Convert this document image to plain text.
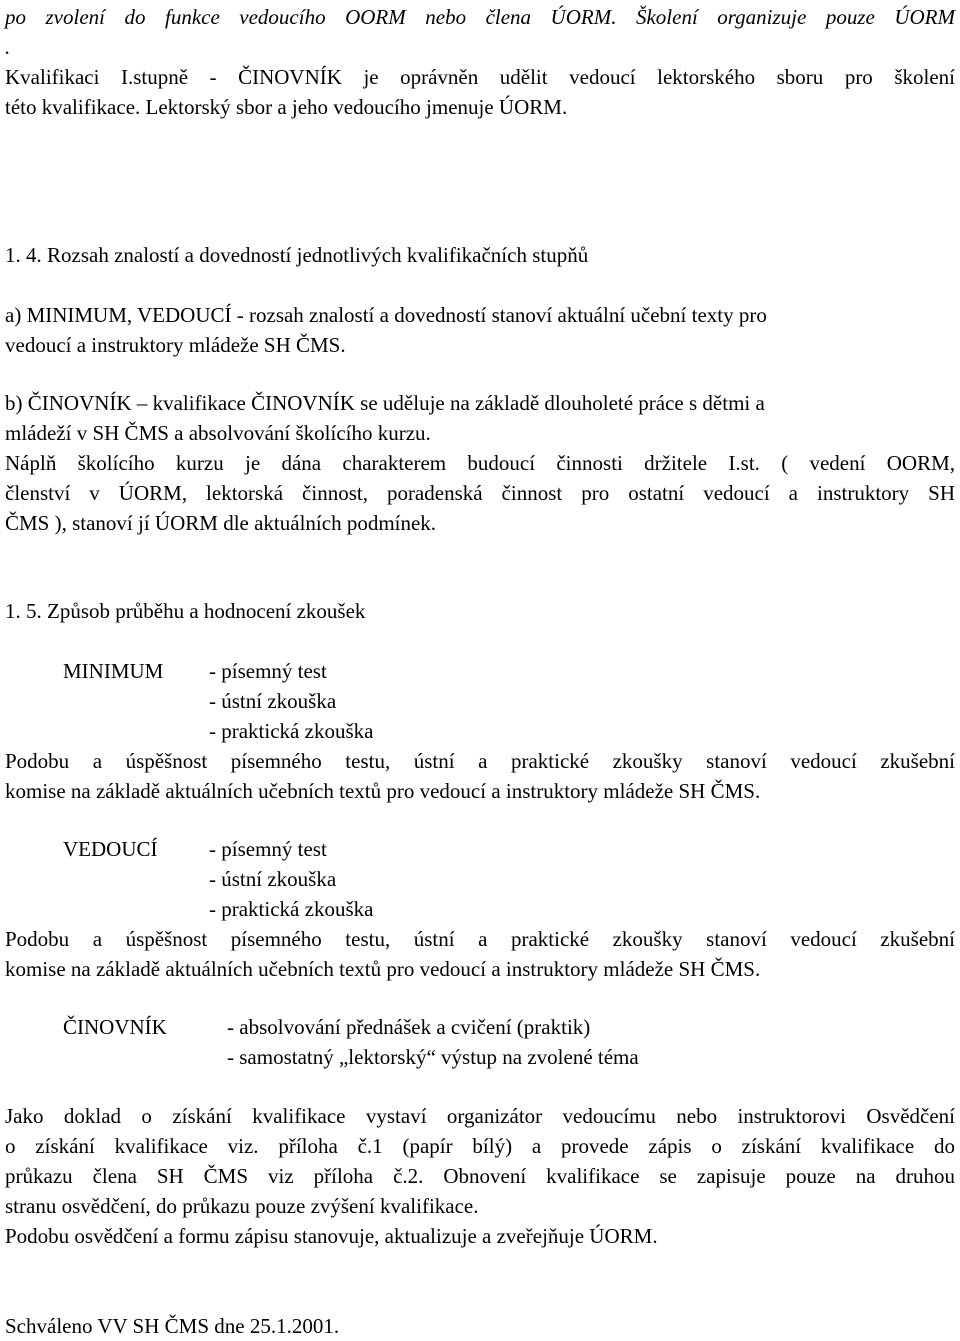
po zvolení do funkce vedoucího OORM nebo člena ÚORM. Školení organizuje pouze ÚORM
.
Kvalifikaci I.stupně - ČINOVNÍK je oprávněn udělit vedoucí lektorského sboru pro školení
této kvalifikace. Lektorský sbor a jeho vedoucího jmenuje ÚORM.
1. 4. Rozsah znalostí a dovedností jednotlivých kvalifikačních stupňů
a) MINIMUM, VEDOUCÍ - rozsah znalostí a dovedností stanoví aktuální učební texty pro
vedoucí a instruktory mládeže SH ČMS.
b) ČINOVNÍK – kvalifikace ČINOVNÍK se uděluje na základě dlouholeté práce s dětmi a
mládeží v SH ČMS a absolvování školícího kurzu.
Náplň školícího kurzu je dána charakterem budoucí činnosti držitele I.st. ( vedení OORM,
členství v ÚORM, lektorská činnost, poradenská činnost pro ostatní vedoucí a instruktory SH
ČMS ), stanoví jí ÚORM dle aktuálních podmínek.
1. 5. Způsob průběhu a hodnocení zkoušek
MINIMUM - písemný test
- ústní zkouška
- praktická zkouška
Podobu a úspěšnost písemného testu, ústní a praktické zkoušky stanoví vedoucí zkušební
komise na základě aktuálních učebních textů pro vedoucí a instruktory mládeže SH ČMS.
VEDOUCÍ - písemný test
- ústní zkouška
- praktická zkouška
Podobu a úspěšnost písemného testu, ústní a praktické zkoušky stanoví vedoucí zkušební
komise na základě aktuálních učebních textů pro vedoucí a instruktory mládeže SH ČMS.
ČINOVNÍK	- absolvování přednášek a cvičení (praktik)
- samostatný „lektorský“ výstup na zvolené téma
Jako doklad o získání kvalifikace vystaví organizátor vedoucímu nebo instruktorovi Osvědčení
o získání kvalifikace viz. příloha č.1 (papír bílý) a provede zápis o získání kvalifikace do
průkazu člena SH ČMS viz příloha č.2. Obnovení kvalifikace se zapisuje pouze na druhou
stranu osvědčení, do průkazu pouze zvýšení kvalifikace.
Podobu osvědčení a formu zápisu stanovuje, aktualizuje a zveřejňuje ÚORM.
Schváleno VV SH ČMS dne 25.1.2001.
